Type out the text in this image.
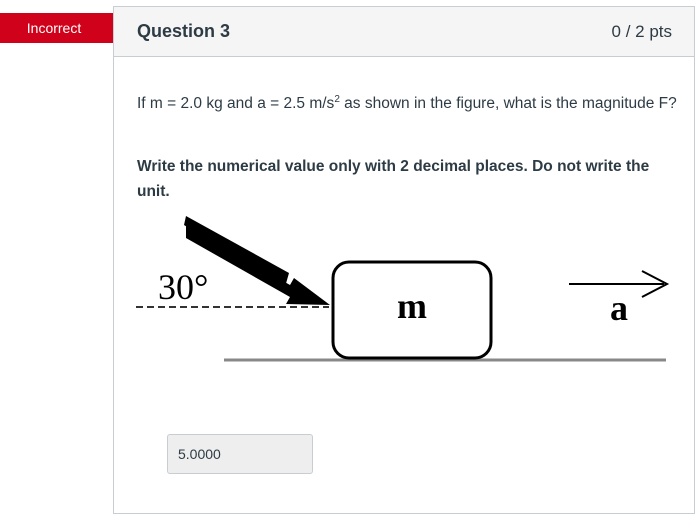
Incorrect	Question 3	0 / 2 pts
If m = 2.0 kg and a = 2.5 $m/s^2$ as shown in the figure, what is the magnitude F?
Write the numerical value only with 2 decimal places. Do not write the unit.
30°	m	a
5.0000
